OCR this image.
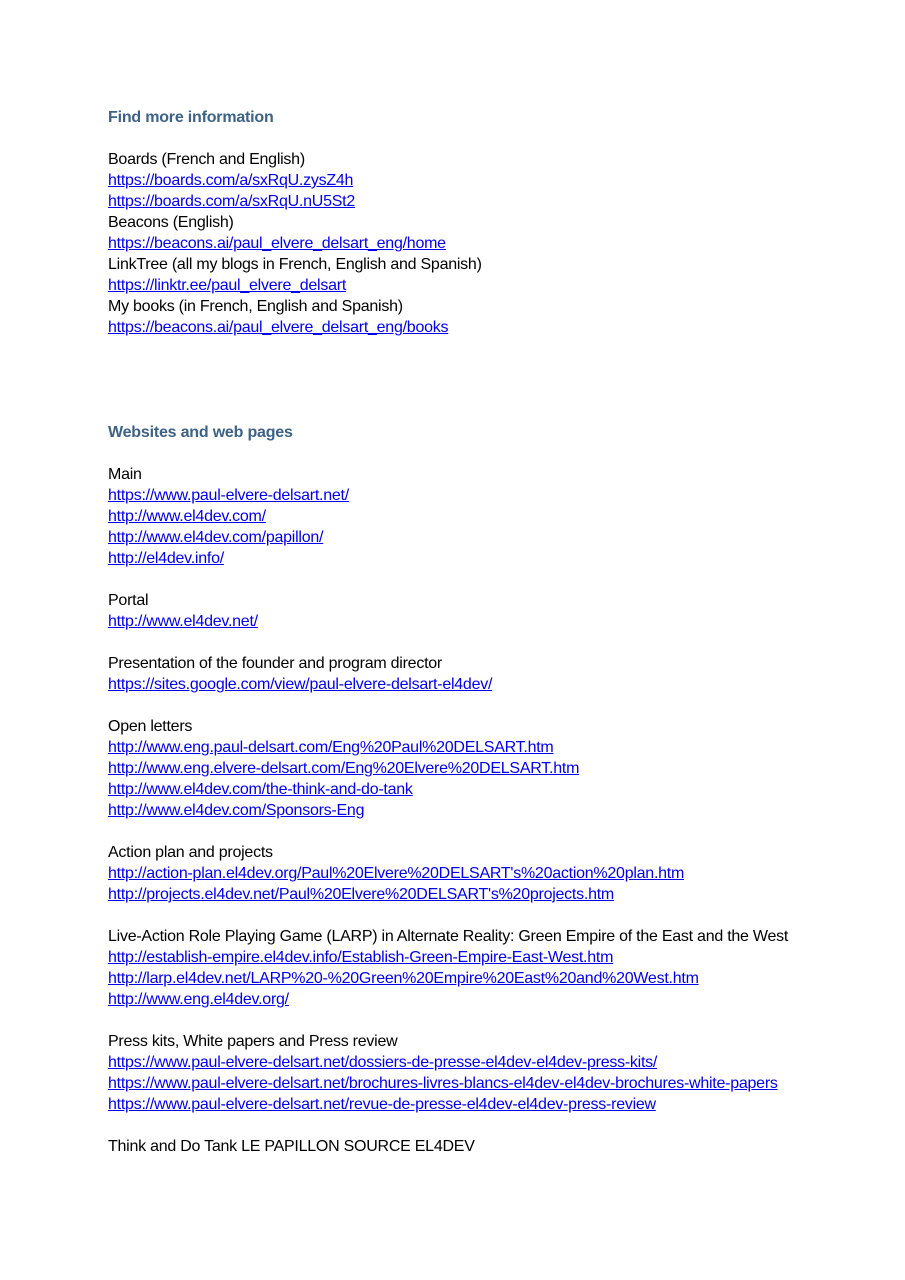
Find more information
Boards (French and English)
https://boards.com/a/sxRqU.zysZ4h
https://boards.com/a/sxRqU.nU5St2
Beacons (English)
https://beacons.ai/paul_elvere_delsart_eng/home
LinkTree (all my blogs in French, English and Spanish)
https://linktr.ee/paul_elvere_delsart
My books (in French, English and Spanish)
https://beacons.ai/paul_elvere_delsart_eng/books
Websites and web pages
Main
https://www.paul-elvere-delsart.net/
http://www.el4dev.com/
http://www.el4dev.com/papillon/
http://el4dev.info/
Portal
http://www.el4dev.net/
Presentation of the founder and program director
https://sites.google.com/view/paul-elvere-delsart-el4dev/
Open letters
http://www.eng.paul-delsart.com/Eng%20Paul%20DELSART.htm
http://www.eng.elvere-delsart.com/Eng%20Elvere%20DELSART.htm
http://www.el4dev.com/the-think-and-do-tank
http://www.el4dev.com/Sponsors-Eng
Action plan and projects
http://action-plan.el4dev.org/Paul%20Elvere%20DELSART's%20action%20plan.htm
http://projects.el4dev.net/Paul%20Elvere%20DELSART's%20projects.htm
Live-Action Role Playing Game (LARP) in Alternate Reality: Green Empire of the East and the West
http://establish-empire.el4dev.info/Establish-Green-Empire-East-West.htm
http://larp.el4dev.net/LARP%20-%20Green%20Empire%20East%20and%20West.htm
http://www.eng.el4dev.org/
Press kits, White papers and Press review
https://www.paul-elvere-delsart.net/dossiers-de-presse-el4dev-el4dev-press-kits/
https://www.paul-elvere-delsart.net/brochures-livres-blancs-el4dev-el4dev-brochures-white-papers
https://www.paul-elvere-delsart.net/revue-de-presse-el4dev-el4dev-press-review
Think and Do Tank LE PAPILLON SOURCE EL4DEV
